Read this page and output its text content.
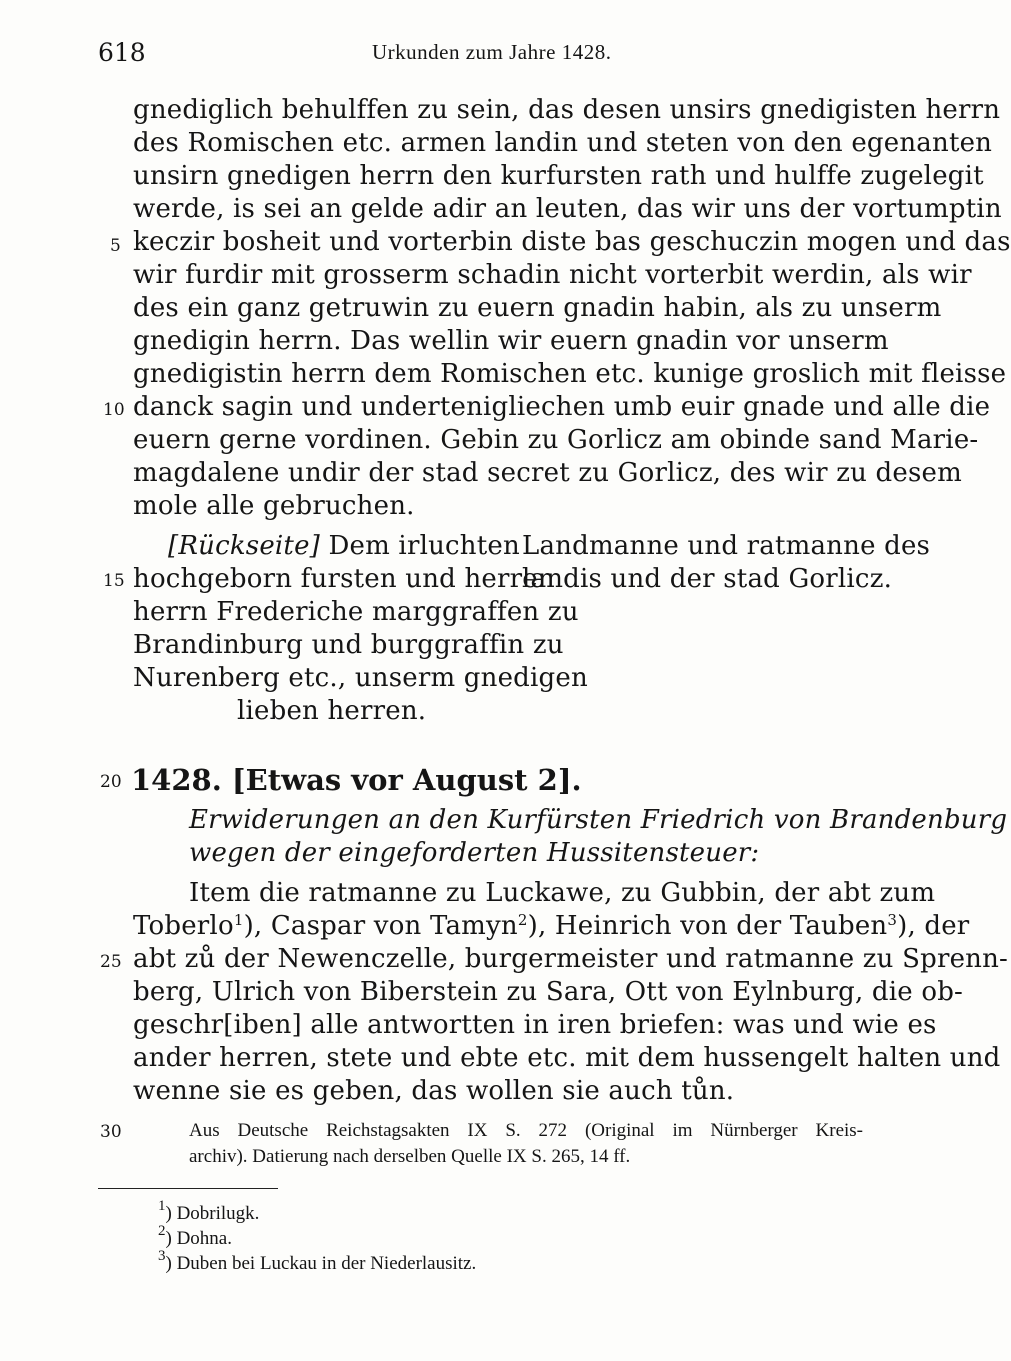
618	Urkunden zum Jahre 1428.
gnediglich behulffen zu sein, das desen unsirs gnedigisten herrn
des Romischen etc. armen landin und steten von den egenanten
unsirn gnedigen herrn den kurfursten rath und hulffe zugelegit
werde, is sei an gelde adir an leuten, das wir uns der vortumptin
keczir bosheit und vorterbin diste bas geschuczin mogen und das
wir furdir mit grosserm schadin nicht vorterbit werdin, als wir
des ein ganz getruwin zu euern gnadin habin, als zu unserm
gnedigin herrn. Das wellin wir euern gnadin vor unserm
gnedigistin herrn dem Romischen etc. kunige groslich mit fleisse
danck sagin und undertenigliechen umb euir gnade und alle die
euern gerne vordinen. Gebin zu Gorlicz am obinde sand Marie-
magdalene undir der stad secret zu Gorlicz, des wir zu desem
mole alle gebruchen.
[Rückseite] Dem irluchten
hochgeborn fursten und herren
herrn Frederiche marggraffen zu
Brandinburg und burggraffin zu
Nurenberg etc., unserm gnedigen
lieben herren.
Landmanne und ratmanne des
landis und der stad Gorlicz.
5
10
15
20
25
30
1428. [Etwas vor August 2].
Erwiderungen an den Kurfürsten Friedrich von Brandenburg
wegen der eingeforderten Hussitensteuer:
Item die ratmanne zu Luckawe, zu Gubbin, der abt zum
Toberlo$^1$), Caspar von Tamyn$^2$), Heinrich von der Tauben$^3$), der
abt zů der Newenczelle, burgermeister und ratmanne zu Sprenn-
berg, Ulrich von Biberstein zu Sara, Ott von Eylnburg, die ob-
geschr[iben] alle antwortten in iren briefen: was und wie es
ander herren, stete und ebte etc. mit dem hussengelt halten und
wenne sie es geben, das wollen sie auch tůn.
Aus Deutsche Reichstagsakten IX S. 272 (Original im Nürnberger Kreis-
archiv). Datierung nach derselben Quelle IX S. 265, 14 ff.
$^1$) Dobrilugk.
$^2$) Dohna.
$^3$) Duben bei Luckau in der Niederlausitz.
